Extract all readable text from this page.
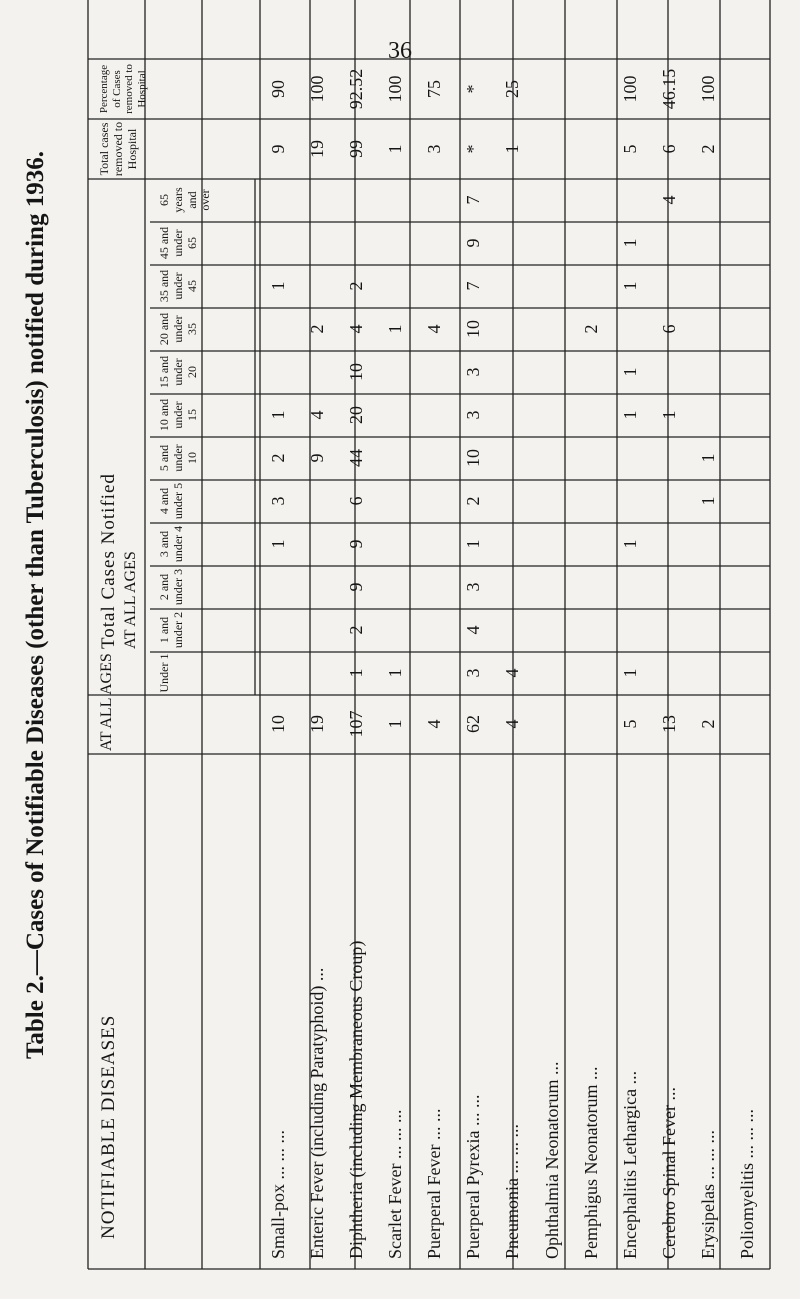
36
Table 2.—Cases of Notifiable Diseases (other than Tuberculosis) notified during 1936.
NOTIFIABLE DISEASES
AT ALL AGES
Total Cases Notified AT ALL AGES
Total cases removed to Hospital
Percentage of Cases removed to Hospital
Under 1
1 and under 2
2 and under 3
3 and under 4
4 and under 5
5 and under 10
10 and under 15
15 and under 20
20 and under 35
35 and under 45
45 and under 65
65 years and over
Small-pox ... ... ...
10
1
3
2
1
1
9
90
Enteric Fever (including Paratyphoid) ...
19
9
4
2
19
100
Diphtheria (including Membraneous Croup)
107
1
2
9
9
6
44
20
10
4
2
99
92.52
Scarlet Fever ... ... ...
1
1
1
1
100
Puerperal Fever ... ...
4
4
3
75
Puerperal Pyrexia ... ...
62
3
4
3
1
2
10
3
3
10
7
9
7
*
*
Pneumonia ... ... ...
4
4
1
25
Ophthalmia Neonatorum ... Pemphigus Neonatorum ...
2
Encephalitis Lethargica ...
5
1
1
1
1
1
1
5
100
Cerebro Spinal Fever ...
13
1
6
4
6
46.15
Erysipelas ... ... ...
2
1
1
2
100
Poliomyelitis ... ... ...
